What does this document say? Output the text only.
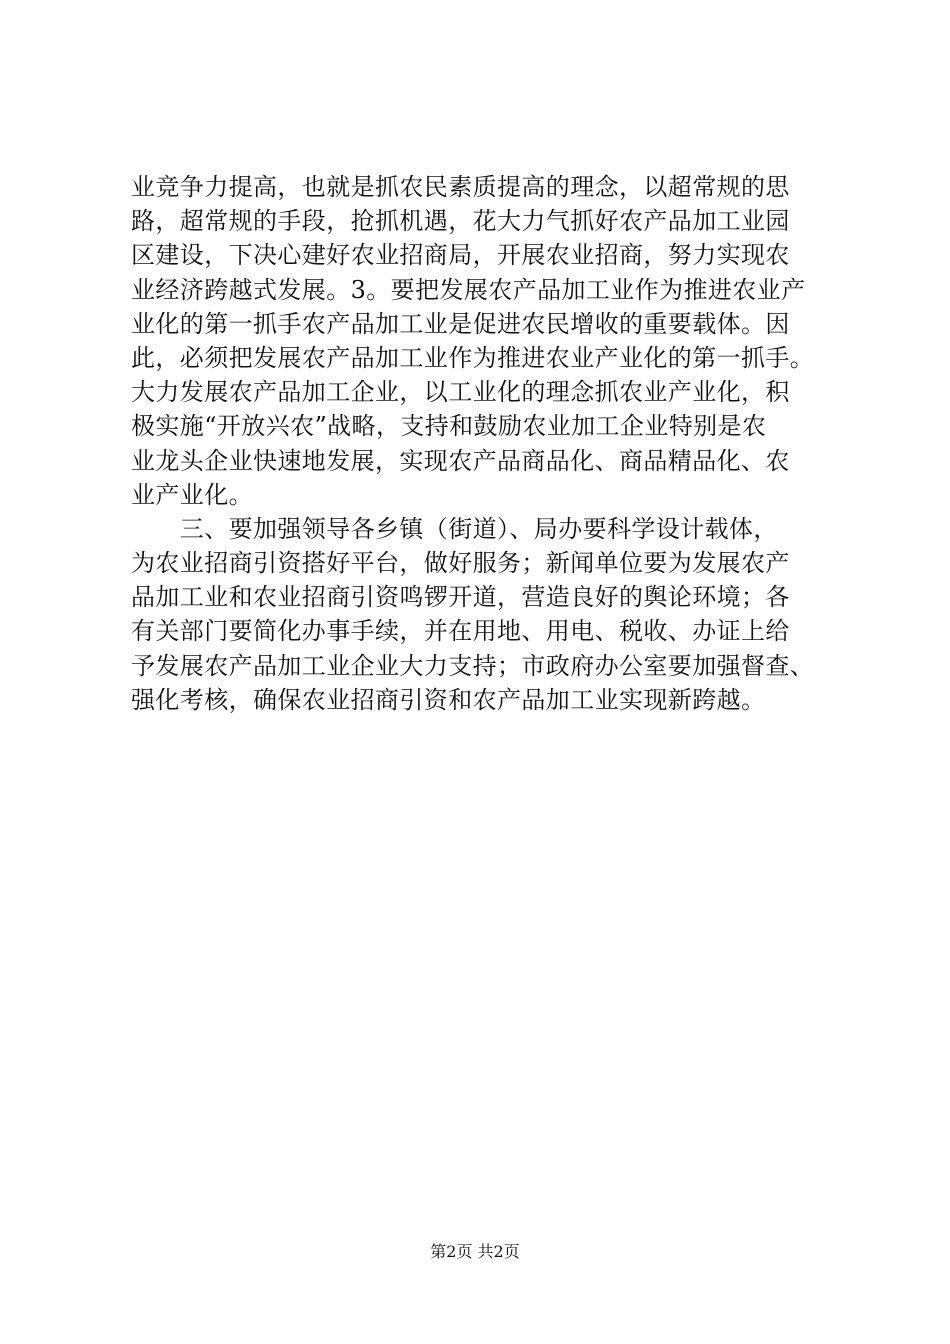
业竞争力提高，也就是抓农民素质提高的理念，以超常规的思
路，超常规的手段，抢抓机遇，花大力气抓好农产品加工业园
区建设，下决心建好农业招商局，开展农业招商，努力实现农
业经济跨越式发展。3。要把发展农产品加工业作为推进农业产
业化的第一抓手农产品加工业是促进农民增收的重要载体。因
此，必须把发展农产品加工业作为推进农业产业化的第一抓手。
大力发展农产品加工企业，以工业化的理念抓农业产业化，积
极实施“开放兴农”战略，支持和鼓励农业加工企业特别是农
业龙头企业快速地发展，实现农产品商品化、商品精品化、农
业产业化。
　　三、要加强领导各乡镇（街道）、局办要科学设计载体，
为农业招商引资搭好平台，做好服务；新闻单位要为发展农产
品加工业和农业招商引资鸣锣开道，营造良好的舆论环境；各
有关部门要简化办事手续，并在用地、用电、税收、办证上给
予发展农产品加工业企业大力支持；市政府办公室要加强督查、
强化考核，确保农业招商引资和农产品加工业实现新跨越。
第2页 共2页
